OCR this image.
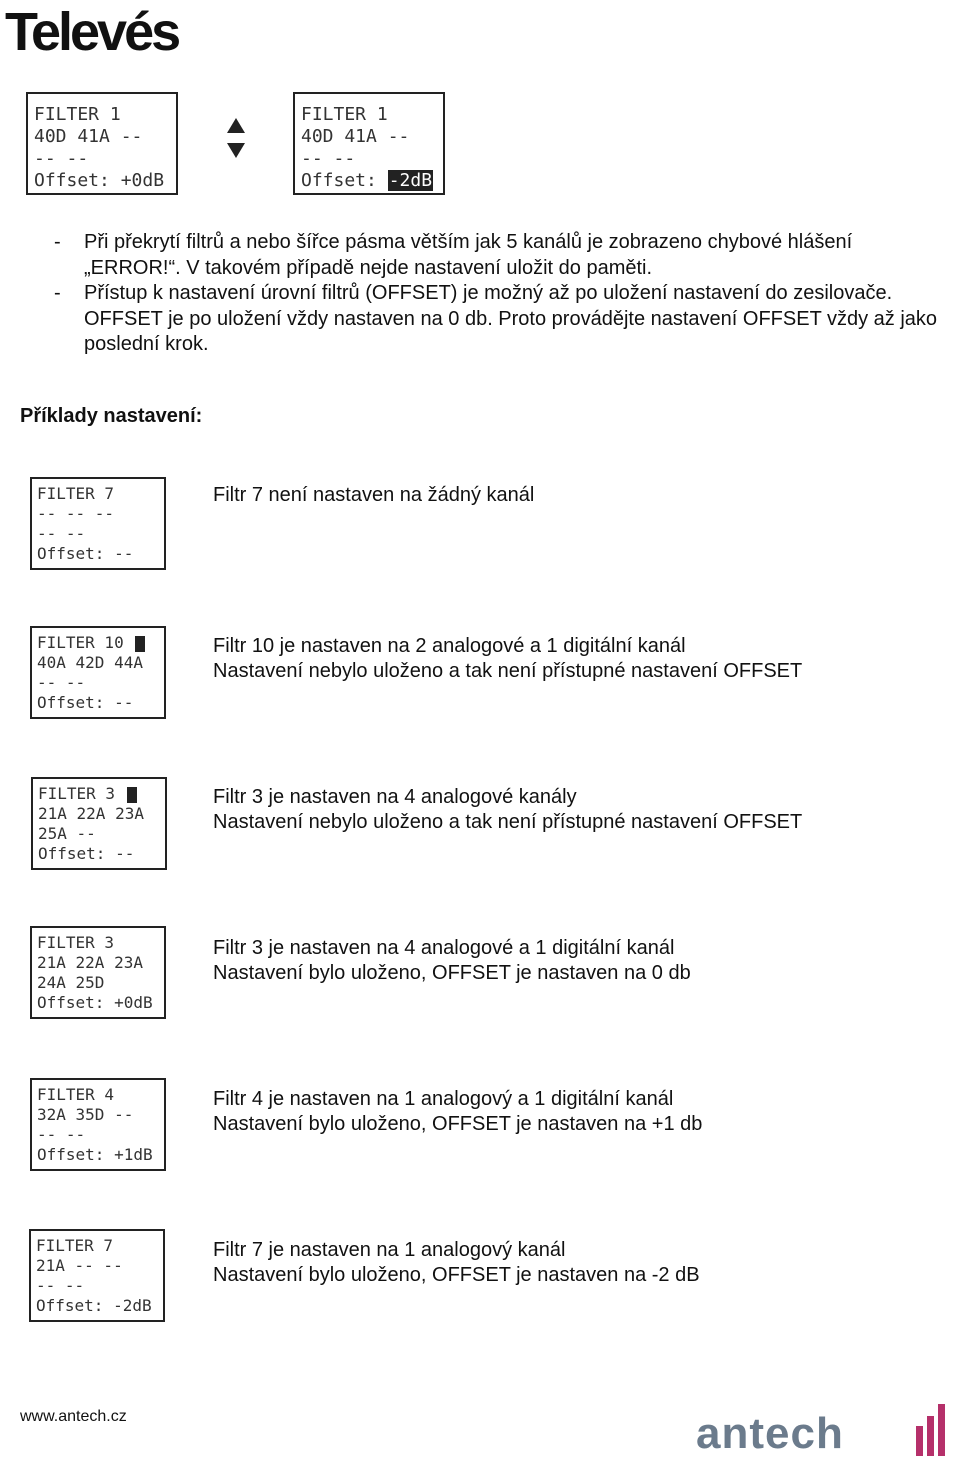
Televés
FILTER 1
40D 41A --
-- --
Offset: +0dB
FILTER 1
40D 41A --
-- --
Offset: -2dB
- Při překrytí filtrů a nebo šířce pásma větším jak 5 kanálů je zobrazeno chybové hlášení „ERROR!“. V takovém případě nejde nastavení uložit do paměti.
- Přístup k nastavení úrovní filtrů (OFFSET) je možný až po uložení nastavení do zesilovače. OFFSET je po uložení vždy nastaven na 0 db. Proto provádějte nastavení OFFSET vždy až jako poslední krok.
Příklady nastavení:
FILTER 7
-- -- --
-- --
Offset: --
Filtr 7 není nastaven na žádný kanál
FILTER 10
40A 42D 44A
-- --
Offset: --
Filtr 10 je nastaven na 2 analogové a 1 digitální kanál
Nastavení nebylo uloženo a tak není přístupné nastavení OFFSET
FILTER 3
21A 22A 23A
25A --
Offset: --
Filtr 3 je nastaven na 4 analogové kanály
Nastavení nebylo uloženo a tak není přístupné nastavení OFFSET
FILTER 3
21A 22A 23A
24A 25D
Offset: +0dB
Filtr 3 je nastaven na 4 analogové a 1 digitální kanál
Nastavení bylo uloženo, OFFSET je nastaven na 0 db
FILTER 4
32A 35D --
-- --
Offset: +1dB
Filtr 4 je nastaven na 1 analogový a 1 digitální kanál
Nastavení bylo uloženo, OFFSET je nastaven na +1 db
FILTER 7
21A -- --
-- --
Offset: -2dB
Filtr 7 je nastaven na 1 analogový kanál
Nastavení bylo uloženo, OFFSET je nastaven na -2 dB
www.antech.cz	antech
